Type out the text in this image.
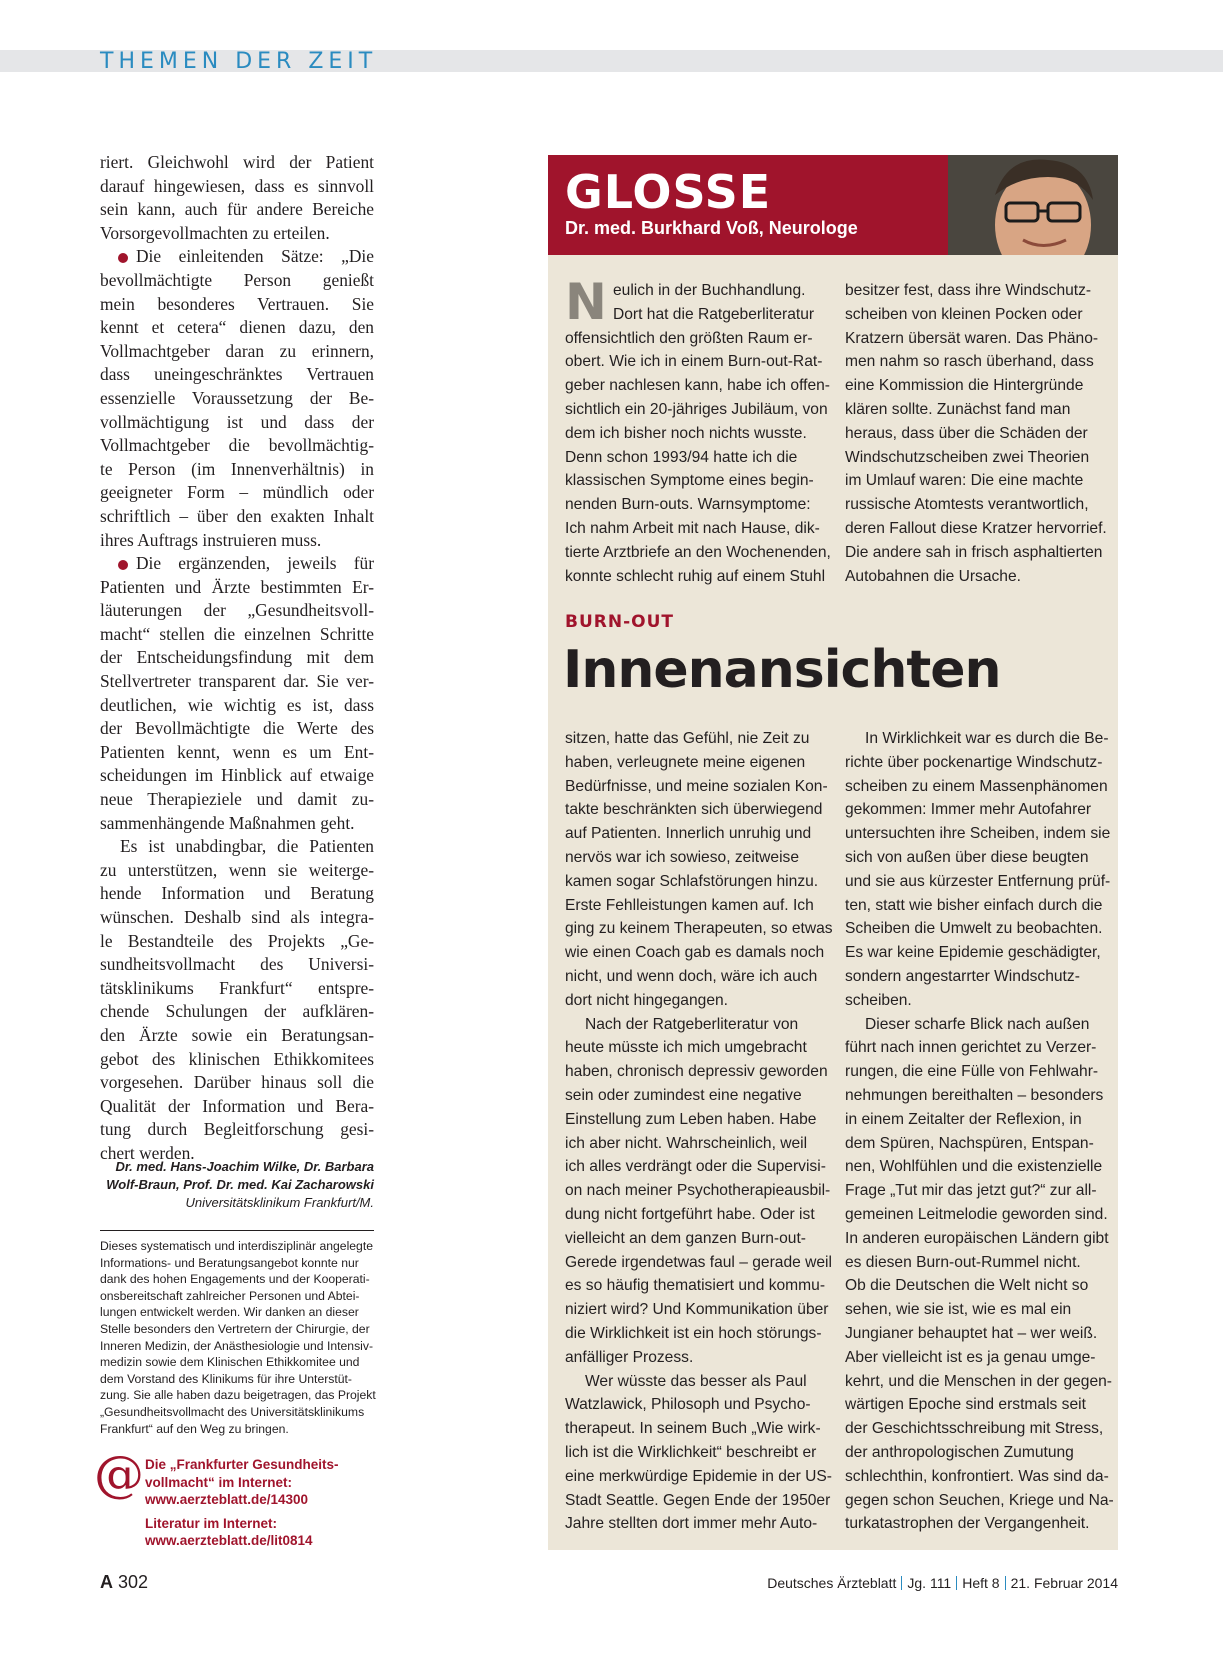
THEMEN DER ZEIT
riert. Gleichwohl wird der Patient
darauf hingewiesen, dass es sinnvoll
sein kann, auch für andere Bereiche
Vorsorgevollmachten zu erteilen.
Die einleitenden Sätze: „Die
bevollmächtigte Person genießt
mein besonderes Vertrauen. Sie
kennt et cetera“ dienen dazu, den
Vollmachtgeber daran zu erinnern,
dass uneingeschränktes Vertrauen
essenzielle Voraussetzung der Be-
vollmächtigung ist und dass der
Vollmachtgeber die bevollmächtig-
te Person (im Innenverhältnis) in
geeigneter Form – mündlich oder
schriftlich – über den exakten Inhalt
ihres Auftrags instruieren muss.
Die ergänzenden, jeweils für
Patienten und Ärzte bestimmten Er-
läuterungen der „Gesundheitsvoll-
macht“ stellen die einzelnen Schritte
der Entscheidungsfindung mit dem
Stellvertreter transparent dar. Sie ver-
deutlichen, wie wichtig es ist, dass
der Bevollmächtigte die Werte des
Patienten kennt, wenn es um Ent-
scheidungen im Hinblick auf etwaige
neue Therapieziele und damit zu-
sammenhängende Maßnahmen geht.
Es ist unabdingbar, die Patienten
zu unterstützen, wenn sie weiterge-
hende Information und Beratung
wünschen. Deshalb sind als integra-
le Bestandteile des Projekts „Ge-
sundheitsvollmacht des Universi-
tätsklinikums Frankfurt“ entspre-
chende Schulungen der aufklären-
den Ärzte sowie ein Beratungsan-
gebot des klinischen Ethikkomitees
vorgesehen. Darüber hinaus soll die
Qualität der Information und Bera-
tung durch Begleitforschung gesi-
chert werden.
Dr. med. Hans-Joachim Wilke, Dr. Barbara
Wolf-Braun, Prof. Dr. med. Kai Zacharowski
Universitätsklinikum Frankfurt/M.
Dieses systematisch und interdisziplinär angelegte
Informations- und Beratungsangebot konnte nur
dank des hohen Engagements und der Kooperati-
onsbereitschaft zahlreicher Personen und Abtei-
lungen entwickelt werden. Wir danken an dieser
Stelle besonders den Vertretern der Chirurgie, der
Inneren Medizin, der Anästhesiologie und Intensiv-
medizin sowie dem Klinischen Ethikkomitee und
dem Vorstand des Klinikums für ihre Unterstüt-
zung. Sie alle haben dazu beigetragen, das Projekt
„Gesundheitsvollmacht des Universitätsklinikums
Frankfurt“ auf den Weg zu bringen.
@ Die „Frankfurter Gesundheits-
vollmacht“ im Internet:
www.aerzteblatt.de/14300
Literatur im Internet:
www.aerzteblatt.de/lit0814
GLOSSE
Dr. med. Burkhard Voß, Neurologe
eulich in der Buchhandlung.
Dort hat die Ratgeberliteratur
offensichtlich den größten Raum er-
obert. Wie ich in einem Burn-out-Rat-
geber nachlesen kann, habe ich offen-
sichtlich ein 20-jähriges Jubiläum, von
dem ich bisher noch nichts wusste.
Denn schon 1993/94 hatte ich die
klassischen Symptome eines begin-
nenden Burn-outs. Warnsymptome:
Ich nahm Arbeit mit nach Hause, dik-
tierte Arztbriefe an den Wochenenden,
konnte schlecht ruhig auf einem Stuhl
N	besitzer fest, dass ihre Windschutz-
scheiben von kleinen Pocken oder
Kratzern übersät waren. Das Phäno-
men nahm so rasch überhand, dass
eine Kommission die Hintergründe
klären sollte. Zunächst fand man
heraus, dass über die Schäden der
Windschutzscheiben zwei Theorien
im Umlauf waren: Die eine machte
russische Atomtests verantwortlich,
deren Fallout diese Kratzer hervorrief.
Die andere sah in frisch asphaltierten
Autobahnen die Ursache.
BURN-OUT
Innenansichten
sitzen, hatte das Gefühl, nie Zeit zu
haben, verleugnete meine eigenen
Bedürfnisse, und meine sozialen Kon-
takte beschränkten sich überwiegend
auf Patienten. Innerlich unruhig und
nervös war ich sowieso, zeitweise
kamen sogar Schlafstörungen hinzu.
Erste Fehlleistungen kamen auf. Ich
ging zu keinem Therapeuten, so etwas
wie einen Coach gab es damals noch
nicht, und wenn doch, wäre ich auch
dort nicht hingegangen.
Nach der Ratgeberliteratur von
heute müsste ich mich umgebracht
haben, chronisch depressiv geworden
sein oder zumindest eine negative
Einstellung zum Leben haben. Habe
ich aber nicht. Wahrscheinlich, weil
ich alles verdrängt oder die Supervisi-
on nach meiner Psychotherapieausbil-
dung nicht fortgeführt habe. Oder ist
vielleicht an dem ganzen Burn-out-
Gerede irgendetwas faul – gerade weil
es so häufig thematisiert und kommu-
niziert wird? Und Kommunikation über
die Wirklichkeit ist ein hoch störungs-
anfälliger Prozess.
Wer wüsste das besser als Paul
Watzlawick, Philosoph und Psycho-
therapeut. In seinem Buch „Wie wirk-
lich ist die Wirklichkeit“ beschreibt er
eine merkwürdige Epidemie in der US-
Stadt Seattle. Gegen Ende der 1950er
Jahre stellten dort immer mehr Auto-
In Wirklichkeit war es durch die Be-
richte über pockenartige Windschutz-
scheiben zu einem Massenphänomen
gekommen: Immer mehr Autofahrer
untersuchten ihre Scheiben, indem sie
sich von außen über diese beugten
und sie aus kürzester Entfernung prüf-
ten, statt wie bisher einfach durch die
Scheiben die Umwelt zu beobachten.
Es war keine Epidemie geschädigter,
sondern angestarrter Windschutz-
scheiben.
Dieser scharfe Blick nach außen
führt nach innen gerichtet zu Verzer-
rungen, die eine Fülle von Fehlwahr-
nehmungen bereithalten – besonders
in einem Zeitalter der Reflexion, in
dem Spüren, Nachspüren, Entspan-
nen, Wohlfühlen und die existenzielle
Frage „Tut mir das jetzt gut?“ zur all-
gemeinen Leitmelodie geworden sind.
In anderen europäischen Ländern gibt
es diesen Burn-out-Rummel nicht.
Ob die Deutschen die Welt nicht so
sehen, wie sie ist, wie es mal ein
Jungianer behauptet hat – wer weiß.
Aber vielleicht ist es ja genau umge-
kehrt, und die Menschen in der gegen-
wärtigen Epoche sind erstmals seit
der Geschichtsschreibung mit Stress,
der anthropologischen Zumutung
schlechthin, konfrontiert. Was sind da-
gegen schon Seuchen, Kriege und Na-
turkatastrophen der Vergangenheit.
A 302	Deutsches Ärzteblatt Jg. 111 Heft 8 21. Februar 2014
